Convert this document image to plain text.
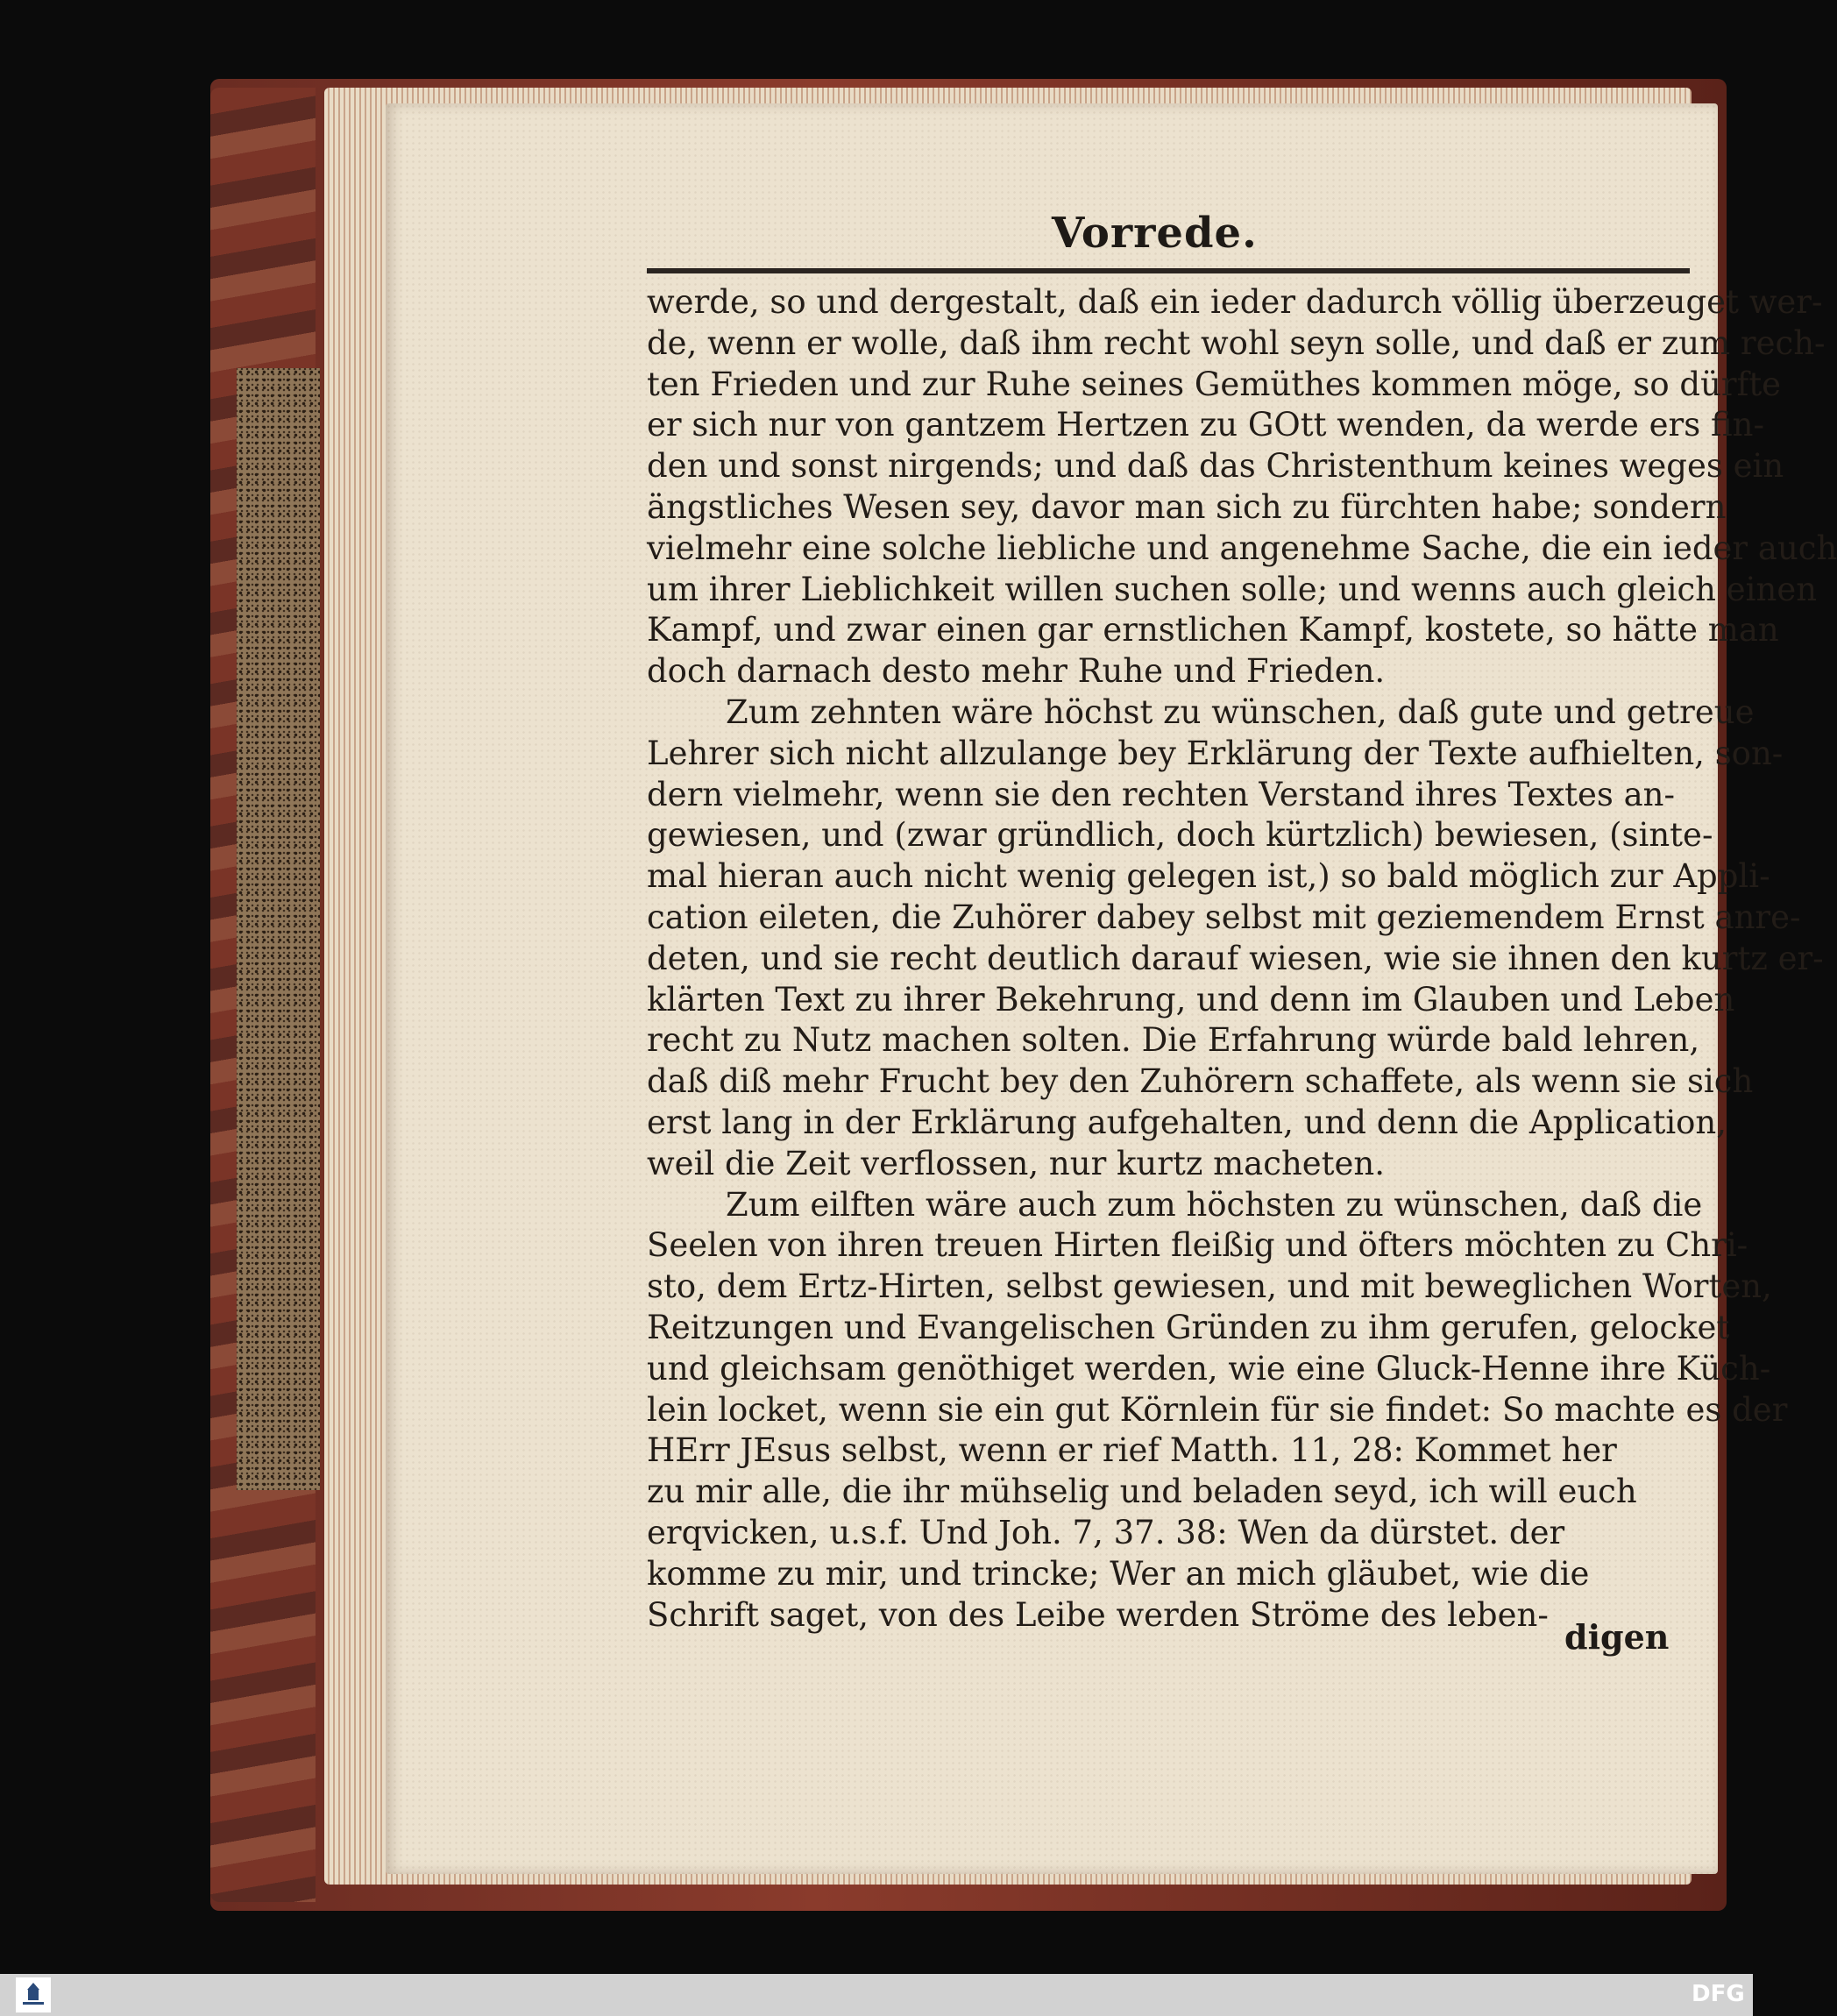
Vorrede.
werde, so und dergestalt, daß ein ieder dadurch völlig überzeuget wer-
de, wenn er wolle, daß ihm recht wohl seyn solle, und daß er zum rech-
ten Frieden und zur Ruhe seines Gemüthes kommen möge, so dürfte
er sich nur von gantzem Hertzen zu GOtt wenden, da werde ers fin-
den und sonst nirgends; und daß das Christenthum keines weges ein
ängstliches Wesen sey, davor man sich zu fürchten habe; sondern
vielmehr eine solche liebliche und angenehme Sache, die ein ieder auch
um ihrer Lieblichkeit willen suchen solle; und wenns auch gleich einen
Kampf, und zwar einen gar ernstlichen Kampf, kostete, so hätte man
doch darnach desto mehr Ruhe und Frieden.
Zum zehnten wäre höchst zu wünschen, daß gute und getreue
Lehrer sich nicht allzulange bey Erklärung der Texte aufhielten, son-
dern vielmehr, wenn sie den rechten Verstand ihres Textes an-
gewiesen, und (zwar gründlich, doch kürtzlich) bewiesen, (sinte-
mal hieran auch nicht wenig gelegen ist,) so bald möglich zur Appli-
cation eileten, die Zuhörer dabey selbst mit geziemendem Ernst anre-
deten, und sie recht deutlich darauf wiesen, wie sie ihnen den kurtz er-
klärten Text zu ihrer Bekehrung, und denn im Glauben und Leben
recht zu Nutz machen solten. Die Erfahrung würde bald lehren,
daß diß mehr Frucht bey den Zuhörern schaffete, als wenn sie sich
erst lang in der Erklärung aufgehalten, und denn die Application,
weil die Zeit verflossen, nur kurtz macheten.
Zum eilften wäre auch zum höchsten zu wünschen, daß die
Seelen von ihren treuen Hirten fleißig und öfters möchten zu Chri-
sto, dem Ertz-Hirten, selbst gewiesen, und mit beweglichen Worten,
Reitzungen und Evangelischen Gründen zu ihm gerufen, gelocket
und gleichsam genöthiget werden, wie eine Gluck-Henne ihre Küch-
lein locket, wenn sie ein gut Körnlein für sie findet: So machte es der
HErr JEsus selbst, wenn er rief Matth. 11, 28: Kommet her
zu mir alle, die ihr mühselig und beladen seyd, ich will euch
erqvicken, u.s.f. Und Joh. 7, 37. 38: Wen da dürstet. der
komme zu mir, und trincke; Wer an mich gläubet, wie die
Schrift saget, von des Leibe werden Ströme des leben-
digen
DFG
